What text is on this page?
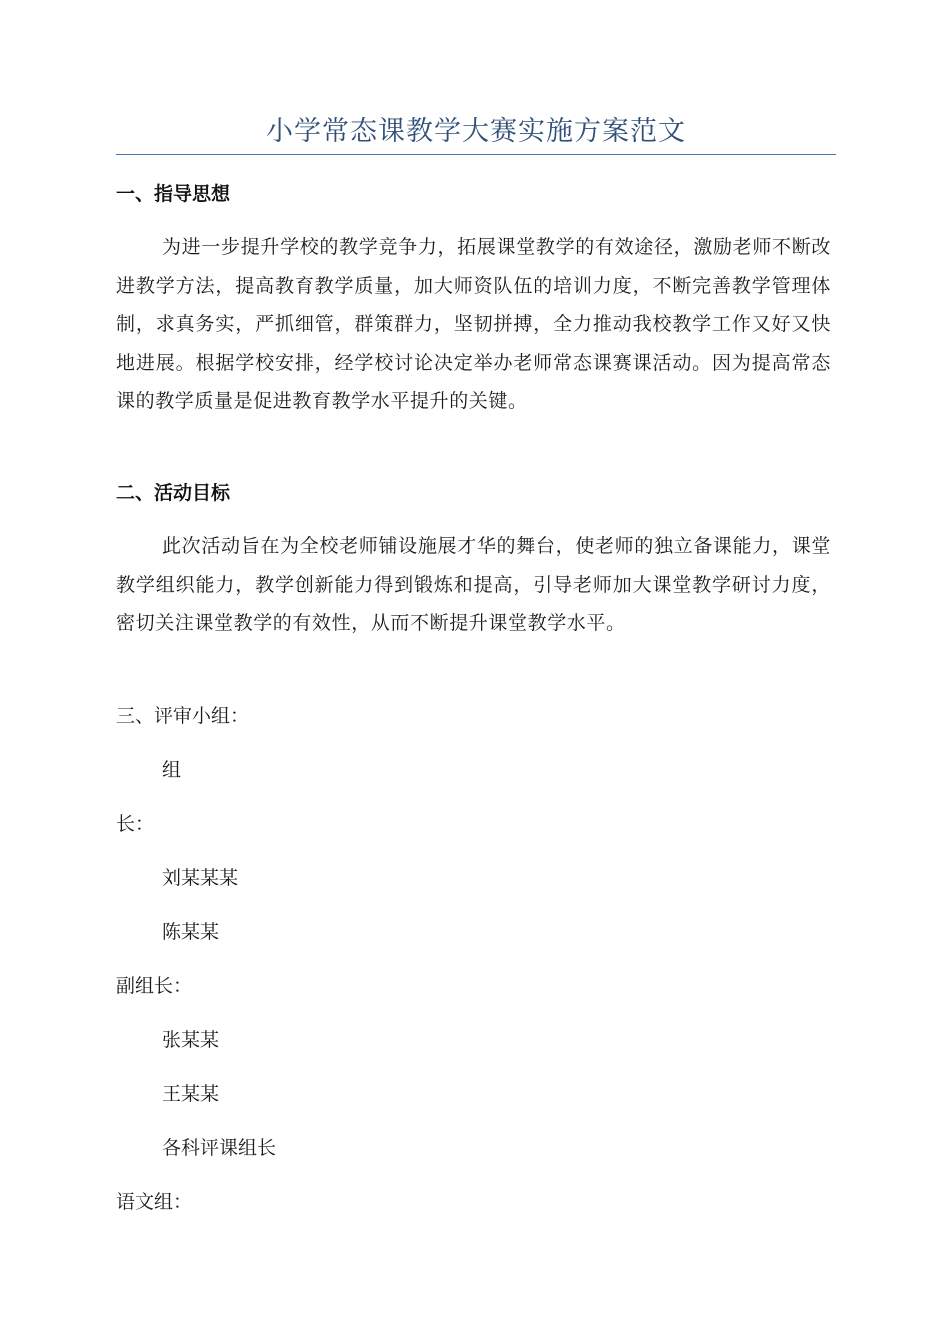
小学常态课教学大赛实施方案范文
一、指导思想
为进一步提升学校的教学竞争力，拓展课堂教学的有效途径，激励老师不断改进教学方法，提高教育教学质量，加大师资队伍的培训力度，不断完善教学管理体制，求真务实，严抓细管，群策群力，坚韧拼搏，全力推动我校教学工作又好又快地进展。根据学校安排，经学校讨论决定举办老师常态课赛课活动。因为提高常态课的教学质量是促进教育教学水平提升的关键。
二、活动目标
此次活动旨在为全校老师铺设施展才华的舞台，使老师的独立备课能力，课堂教学组织能力，教学创新能力得到锻炼和提高，引导老师加大课堂教学研讨力度，密切关注课堂教学的有效性，从而不断提升课堂教学水平。
三、评审小组：
组
长：
刘某某某
陈某某
副组长：
张某某
王某某
各科评课组长
语文组：
